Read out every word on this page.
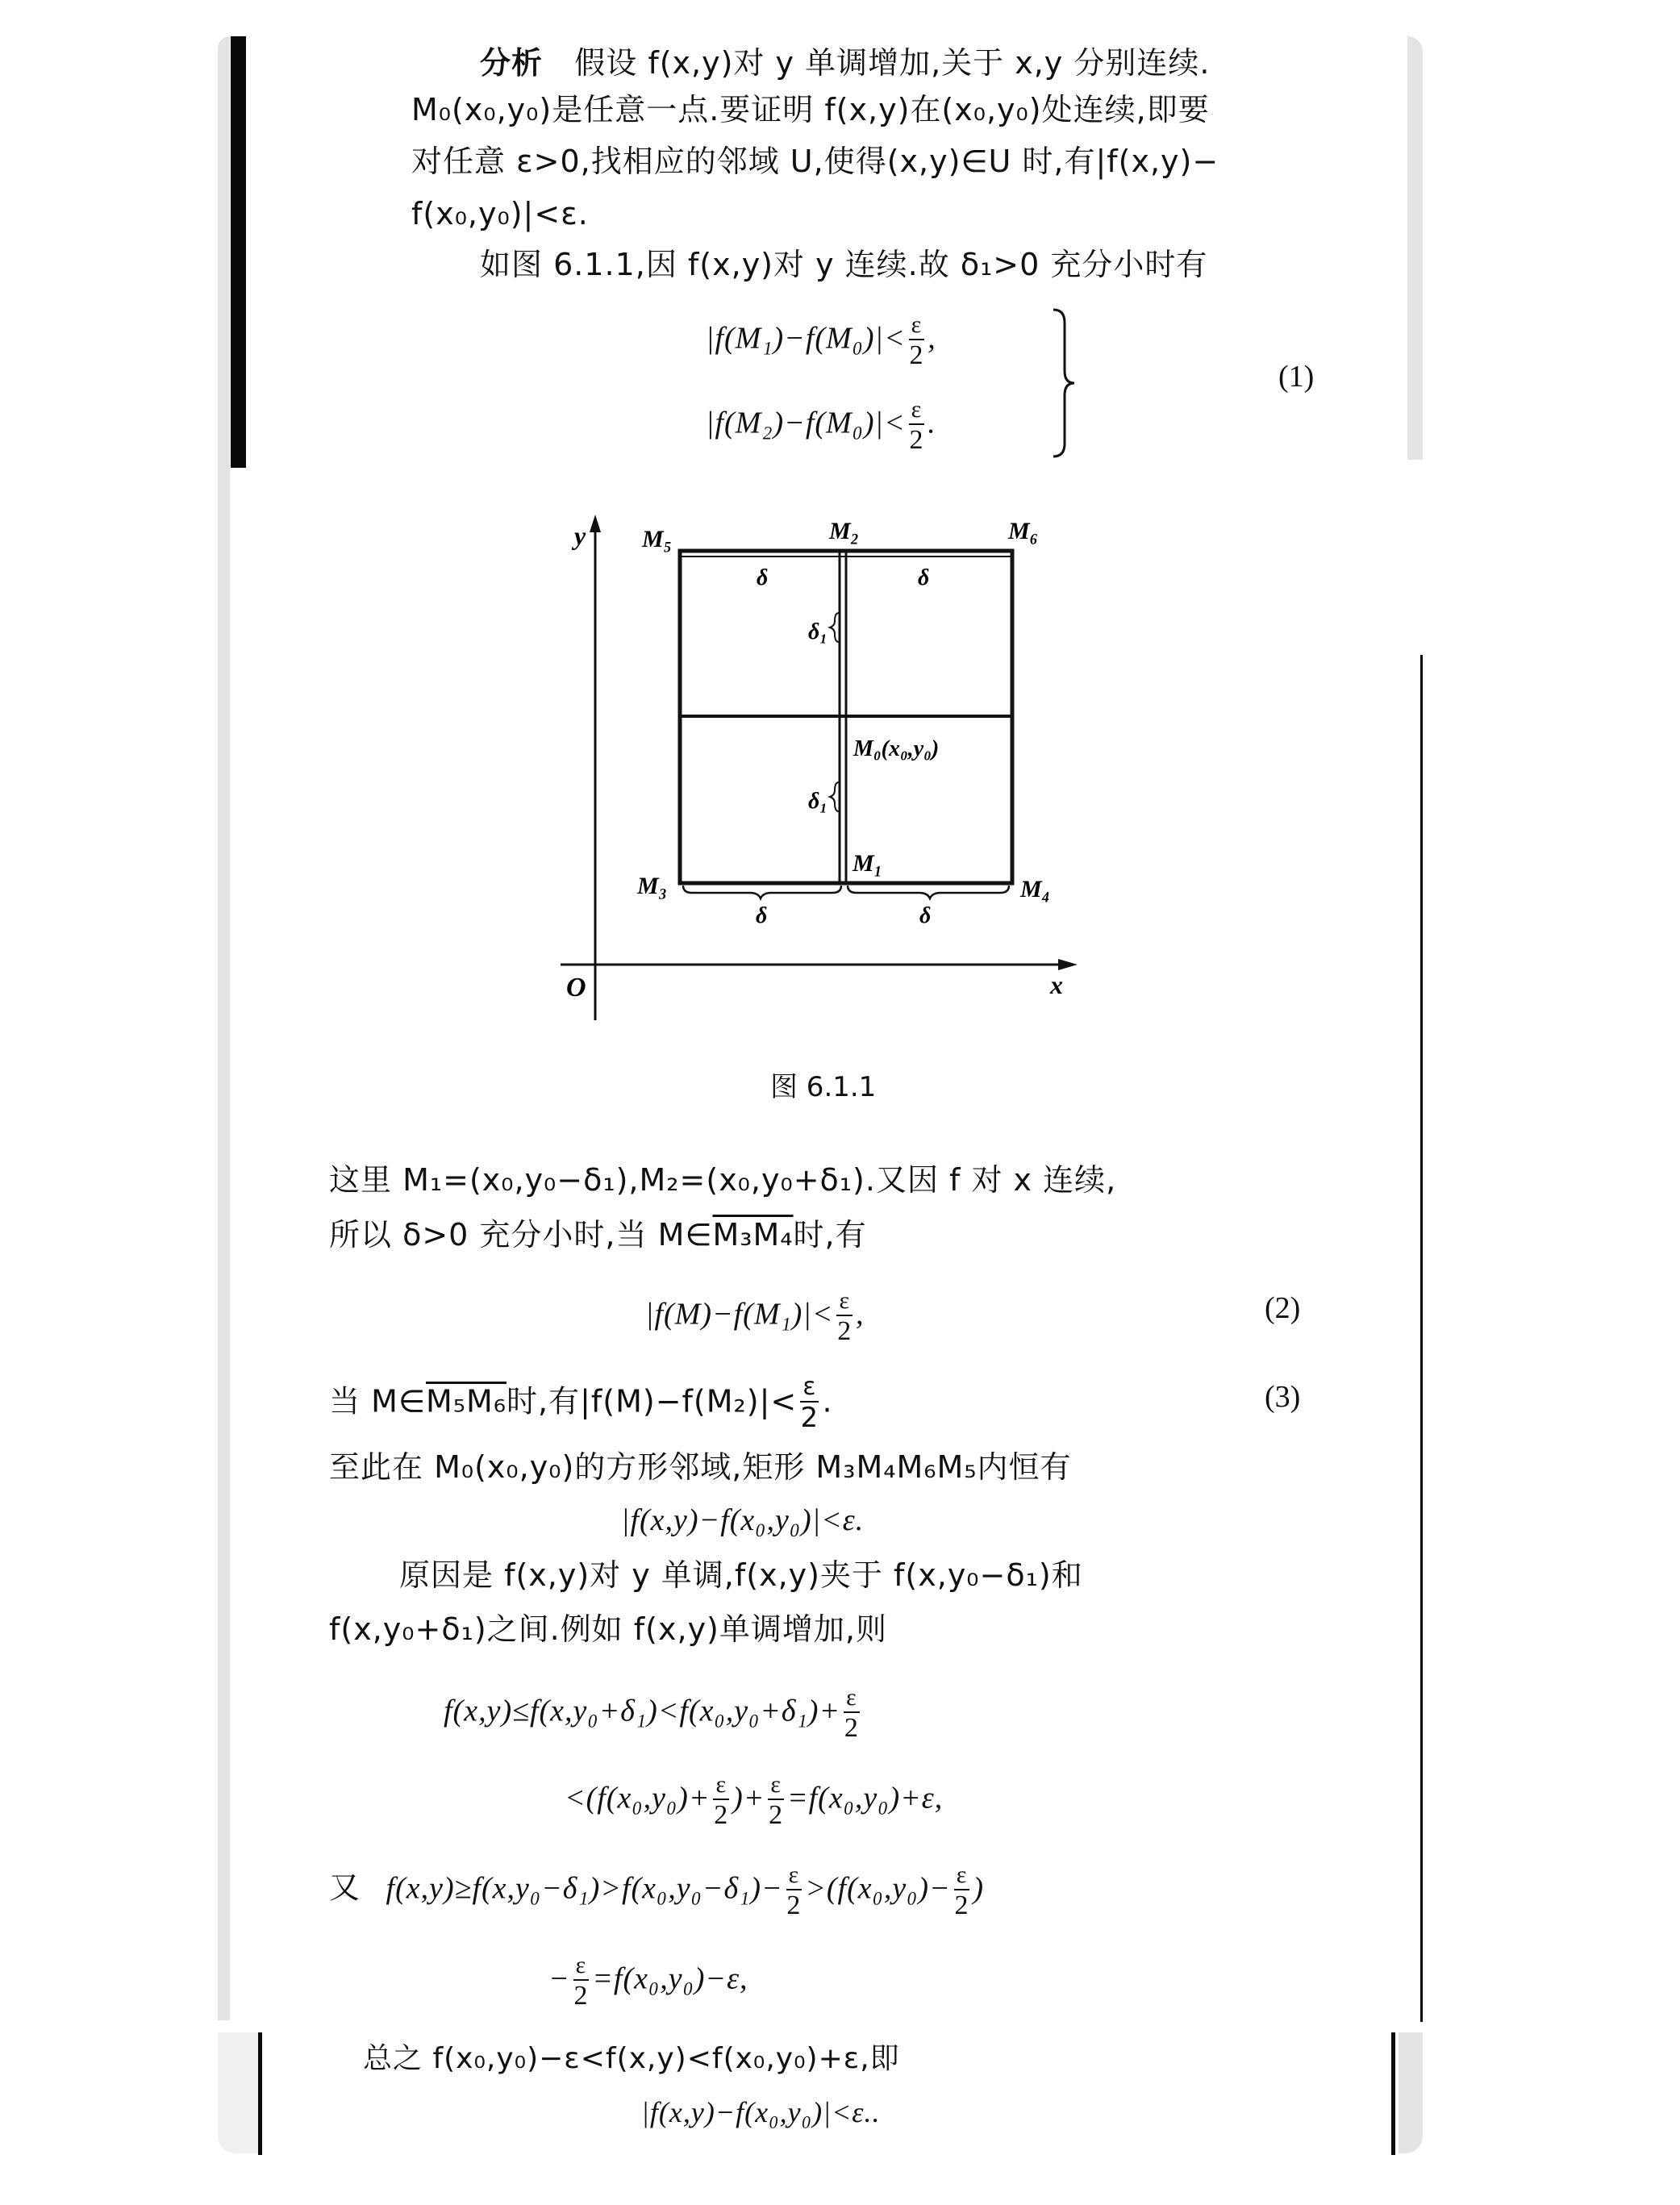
分析 假设 f(x,y)对 y 单调增加,关于 x,y 分别连续.
M₀(x₀,y₀)是任意一点.要证明 f(x,y)在(x₀,y₀)处连续,即要
对任意 ε>0,找相应的邻域 U,使得(x,y)∈U 时,有|f(x,y)−
f(x₀,y₀)|<ε.
如图 6.1.1,因 f(x,y)对 y 连续.故 δ₁>0 充分小时有
$|f(M_1)-f(M_0)|< \frac{\varepsilon}{2}$ ,
$|f(M_2)-f(M_0)|< \frac{\varepsilon}{2}$ .
(1)
y
x
O
M₅	M₂	M₆
δ	δ
δ₁
M₀(x₀,y₀)
δ₁
M₁
M₃	M₄
δ	δ
图 6.1.1
这里 M₁=(x₀,y₀−δ₁),M₂=(x₀,y₀+δ₁).又因 f 对 x 连续,
所以 δ>0 充分小时,当 M∈M₃M₄时,有
$|f(M)-f(M_1)|< \frac{\varepsilon}{2}$ ,	(2)
当 M∈M₅M₆时,有$|f(M)-f(M_2)|< \frac{\varepsilon}{2}$ .	(3)
至此在 M₀(x₀,y₀)的方形邻域,矩形 M₃M₄M₆M₅内恒有
|f(x,y)−f(x₀,y₀)|<ε.
原因是 f(x,y)对 y 单调,f(x,y)夹于 f(x,y₀−δ₁)和
f(x,y₀+δ₁)之间.例如 f(x,y)单调增加,则
$f(x,y)\le f(x,y_0+\delta_1)<f(x_0,y_0+\delta_1)+ \frac{\varepsilon}{2}$
$<(f(x_0,y_0)+ \frac{\varepsilon}{2}$ )+ $\frac{\varepsilon}{2} =f(x_0,y_0)+\varepsilon$,
又 $f(x,y)\ge f(x,y_0-\delta_1)>f(x_0,y_0-\delta_1)- \frac{\varepsilon}{2} >(f(x_0,y_0)- \frac{\varepsilon}{2}$ )
− $\frac{\varepsilon}{2} =f(x_0,y_0)-\varepsilon$,
总之 f(x₀,y₀)−ε<f(x,y)<f(x₀,y₀)+ε,即
|f(x,y)−f(x₀,y₀)|<ε..
